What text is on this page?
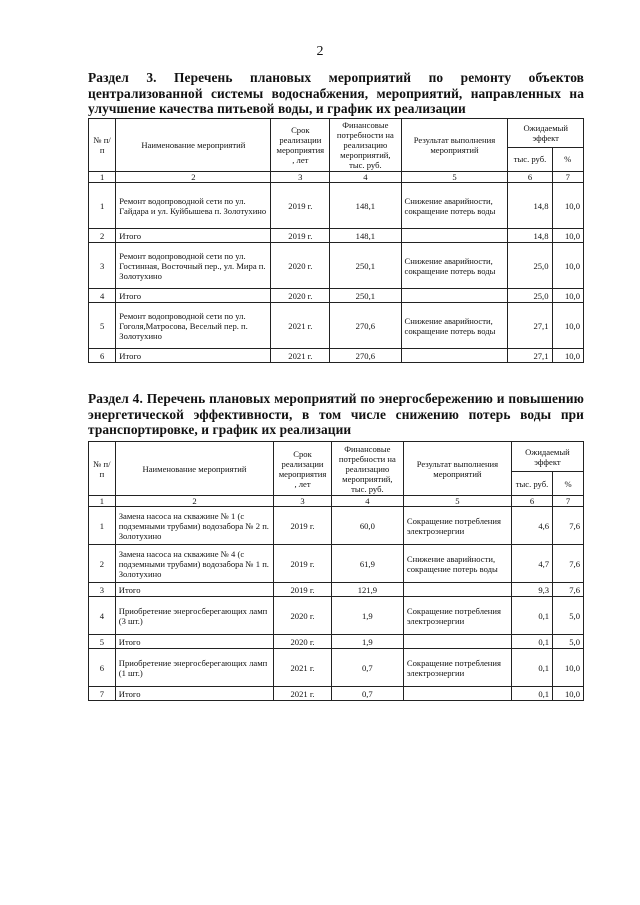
2
Раздел 3. Перечень плановых мероприятий по ремонту объектов централизованной системы водоснабжения, мероприятий, направленных на улучшение качества питьевой воды, и график их реализации
№ п/п	Наименование мероприятий	Срок реализации мероприятия , лет	Финансовые потребности на реализацию мероприятий, тыс. руб.	Результат выполнения мероприятий	Ожидаемый эффект	
					тыс. руб.	%
1	2	3	4	5	6	7
1	Ремонт водопроводной сети по ул. Гайдара и ул. Куйбышева п. Золотухино	2019 г.	148,1	Снижение аварийности, сокращение потерь воды	14,8	10,0
2	Итого	2019 г.	148,1		14,8	10,0
3	Ремонт водопроводной сети по ул. Гостинная, Восточный пер., ул. Мира п. Золотухино	2020 г.	250,1	Снижение аварийности, сокращение потерь воды	25,0	10,0
4	Итого	2020 г.	250,1		25,0	10,0
5	Ремонт водопроводной сети по ул. Гоголя,Матросова, Веселый пер. п. Золотухино	2021 г.	270,6	Снижение аварийности, сокращение потерь воды	27,1	10,0
6	Итого	2021 г.	270,6		27,1	10,0
Раздел 4. Перечень плановых мероприятий по энергосбережению и повышению энергетической эффективности, в том числе снижению потерь воды при транспортировке, и график их реализации
№ п/п	Наименование мероприятий	Срок реализации мероприятия , лет	Финансовые потребности на реализацию мероприятий, тыс. руб.	Результат выполнения мероприятий	Ожидаемый эффект	
					тыс. руб.	%
1	2	3	4	5	6	7
1	Замена насоса на скважине № 1 (с подземными трубами) водозабора № 2 п. Золотухино	2019 г.	60,0	Сокращение потребления электроэнергии	4,6	7,6
2	Замена насоса на скважине № 4 (с подземными трубами) водозабора № 1 п. Золотухино	2019 г.	61,9	Снижение аварийности, сокращение потерь воды	4,7	7,6
3	Итого	2019 г.	121,9		9,3	7,6
4	Приобретение энергосберегающих ламп (3 шт.)	2020 г.	1,9	Сокращение потребления электроэнергии	0,1	5,0
5	Итого	2020 г.	1,9		0,1	5,0
6	Приобретение энергосберегающих ламп (1 шт.)	2021 г.	0,7	Сокращение потребления электроэнергии	0,1	10,0
7	Итого	2021 г.	0,7		0,1	10,0
